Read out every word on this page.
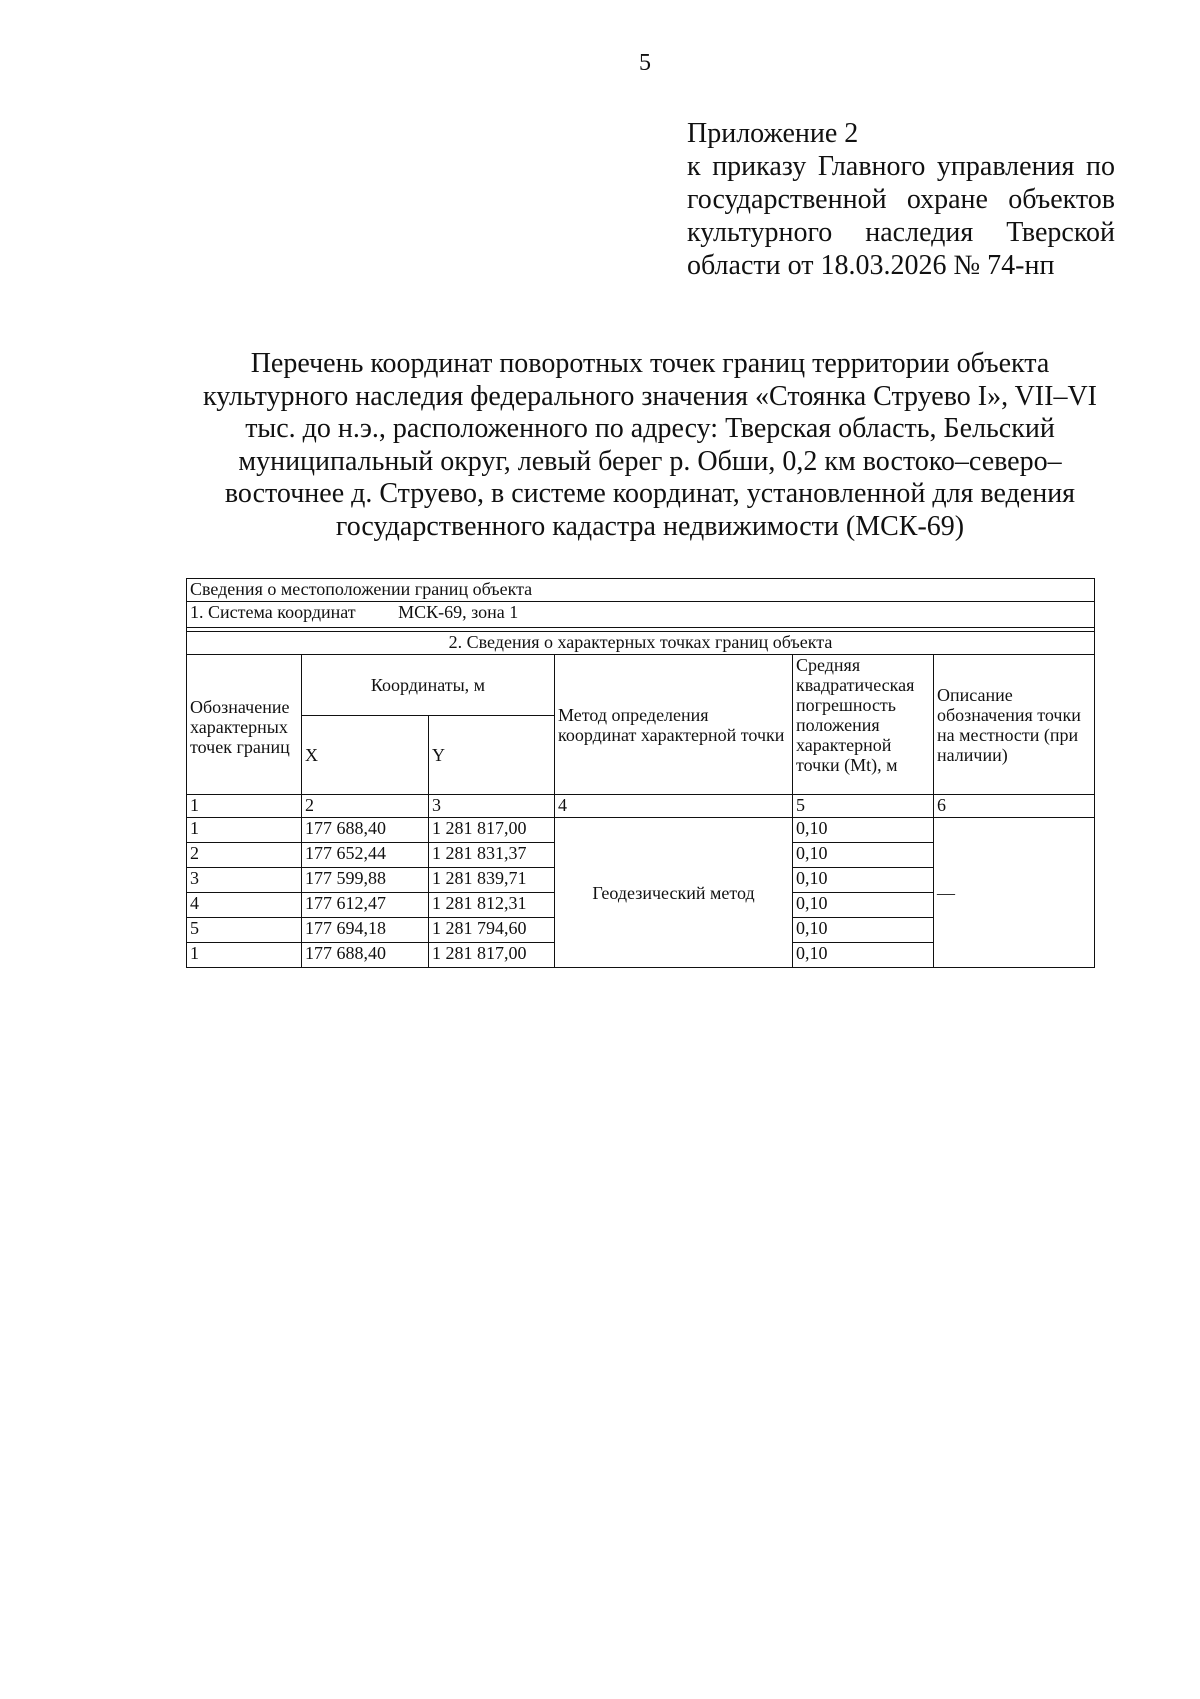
5
Приложение 2
к приказу Главного управления по
государственной охране объектов
культурного наследия Тверской
области от 18.03.2026 № 74-нп
Перечень координат поворотных точек границ территории объекта
культурного наследия федерального значения «Стоянка Струево I», VII–VI
тыс. до н.э., расположенного по адресу: Тверская область, Бельский
муниципальный округ, левый берег р. Обши, 0,2 км востоко–северо–
восточнее д. Струево, в системе координат, установленной для ведения
государственного кадастра недвижимости (МСК-69)
Сведения о местоположении границ объекта					
1. Система координат МСК-69, зона 1					

2. Сведения о характерных точках границ объекта					
Обозначение характерных точек границ	Координаты, м		Метод определения координат характерной точки	Средняя квадратическая погрешность положения характерной точки (Mt), м	Описание обозначения точки на местности (при наличии)
	X	Y			
1	2	3	4	5	6
1	177 688,40	1 281 817,00	Геодезический метод	0,10	—
2	177 652,44	1 281 831,37		0,10	
3	177 599,88	1 281 839,71		0,10	
4	177 612,47	1 281 812,31		0,10	
5	177 694,18	1 281 794,60		0,10	
1	177 688,40	1 281 817,00		0,10	
